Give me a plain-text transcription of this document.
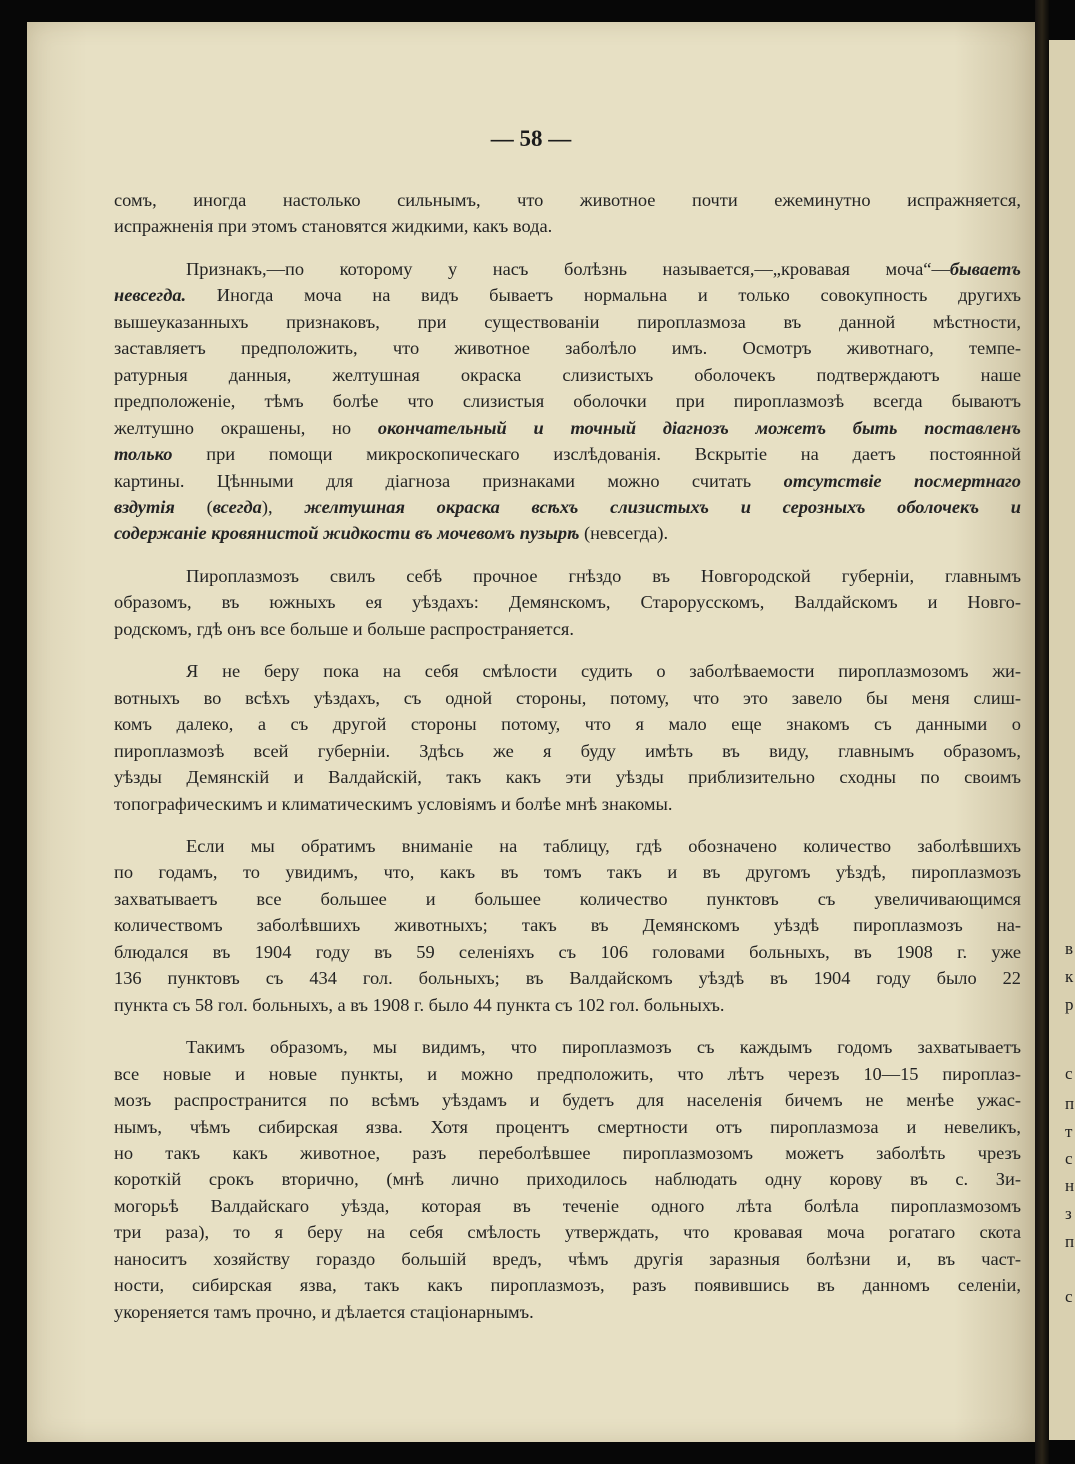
— 58 —
сомъ, иногда настолько сильнымъ, что животное почти ежеминутно испражняется,
испражненія при этомъ становятся жидкими, какъ вода.
Признакъ,—по которому у насъ болѣзнь называется,—„кровавая моча“—бываетъ
невсегда. Иногда моча на видъ бываетъ нормальна и только совокупность другихъ
вышеуказанныхъ признаковъ, при существованіи пироплазмоза въ данной мѣстности,
заставляетъ предположить, что животное заболѣло имъ. Осмотръ животнаго, темпе-
ратурныя данныя, желтушная окраска слизистыхъ оболочекъ подтверждаютъ наше
предположеніе, тѣмъ болѣе что слизистыя оболочки при пироплазмозѣ всегда бываютъ
желтушно окрашены, но окончательный и точный діагнозъ можетъ быть поставленъ
только при помощи микроскопическаго изслѣдованія. Вскрытіе на даетъ постоянной
картины. Цѣнными для діагноза признаками можно считать отсутствіе посмертнаго
вздутія (всегда), желтушная окраска всѣхъ слизистыхъ и серозныхъ оболочекъ и
содержаніе кровянистой жидкости въ мочевомъ пузырѣ (невсегда).
Пироплазмозъ свилъ себѣ прочное гнѣздо въ Новгородской губерніи, главнымъ
образомъ, въ южныхъ ея уѣздахъ: Демянскомъ, Старорусскомъ, Валдайскомъ и Новго-
родскомъ, гдѣ онъ все больше и больше распространяется.
Я не беру пока на себя смѣлости судить о заболѣваемости пироплазмозомъ жи-
вотныхъ во всѣхъ уѣздахъ, съ одной стороны, потому, что это завело бы меня слиш-
комъ далеко, а съ другой стороны потому, что я мало еще знакомъ съ данными о
пироплазмозѣ всей губерніи. Здѣсь же я буду имѣть въ виду, главнымъ образомъ,
уѣзды Демянскій и Валдайскій, такъ какъ эти уѣзды приблизительно сходны по своимъ
топографическимъ и климатическимъ условіямъ и болѣе мнѣ знакомы.
Если мы обратимъ вниманіе на таблицу, гдѣ обозначено количество заболѣвшихъ
по годамъ, то увидимъ, что, какъ въ томъ такъ и въ другомъ уѣздѣ, пироплазмозъ
захватываетъ все большее и большее количество пунктовъ съ увеличивающимся
количествомъ заболѣвшихъ животныхъ; такъ въ Демянскомъ уѣздѣ пироплазмозъ на-
блюдался въ 1904 году въ 59 селеніяхъ съ 106 головами больныхъ, въ 1908 г. уже
136 пунктовъ съ 434 гол. больныхъ; въ Валдайскомъ уѣздѣ въ 1904 году было 22
пункта съ 58 гол. больныхъ, а въ 1908 г. было 44 пункта съ 102 гол. больныхъ.
Такимъ образомъ, мы видимъ, что пироплазмозъ съ каждымъ годомъ захватываетъ
все новые и новые пункты, и можно предположить, что лѣтъ черезъ 10—15 пироплаз-
мозъ распространится по всѣмъ уѣздамъ и будетъ для населенія бичемъ не менѣе ужас-
нымъ, чѣмъ сибирская язва. Хотя процентъ смертности отъ пироплазмоза и невеликъ,
но такъ какъ животное, разъ переболѣвшее пироплазмозомъ можетъ заболѣть чрезъ
короткій срокъ вторично, (мнѣ лично приходилось наблюдать одну корову въ с. Зи-
могорьѣ Валдайскаго уѣзда, которая въ теченіе одного лѣта болѣла пироплазмозомъ
три раза), то я беру на себя смѣлость утверждать, что кровавая моча рогатаго скота
наноситъ хозяйству гораздо большій вредъ, чѣмъ другія заразныя болѣзни и, въ част-
ности, сибирская язва, такъ какъ пироплазмозъ, разъ появившись въ данномъ селеніи,
укореняется тамъ прочно, и дѣлается стаціонарнымъ.
в
к
р
с
п
т
с
н
з
п
с
